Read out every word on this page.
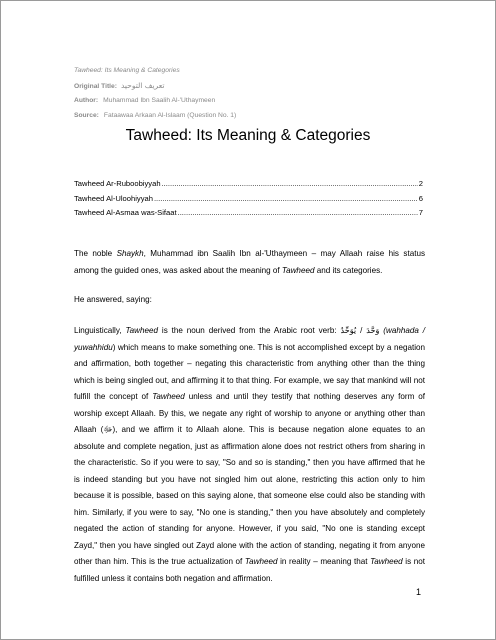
Tawheed: Its Meaning & Categories
Original Title: تعريف التوحيد
Author: Muhammad Ibn Saalih Al-'Uthaymeen
Source: Fataawaa Arkaan Al-Islaam (Question No. 1)
Tawheed: Its Meaning & Categories
Tawheed Ar-Ruboobiyyah .....	2
Tawheed Al-Uloohiyyah .....	6
Tawheed Al-Asmaa was-Sifaat .....	7
The noble Shaykh, Muhammad ibn Saalih Ibn al-'Uthaymeen – may Allaah raise his status
among the guided ones, was asked about the meaning of Tawheed and its categories.
He answered, saying:
Linguistically, Tawheed is the noun derived from the Arabic root verb: وَحَّدَ / يُوَحِّدُ (wahhada /
yuwahhidu) which means to make something one. This is not accomplished except by a negation
and affirmation, both together – negating this characteristic from anything other than the thing
which is being singled out, and affirming it to that thing. For example, we say that mankind will not
fulfill the concept of Tawheed unless and until they testify that nothing deserves any form of
worship except Allaah. By this, we negate any right of worship to anyone or anything other than
Allaah (ﷻ), and we affirm it to Allaah alone. This is because negation alone equates to an
absolute and complete negation, just as affirmation alone does not restrict others from sharing in
the characteristic. So if you were to say, "So and so is standing," then you have affirmed that he
is indeed standing but you have not singled him out alone, restricting this action only to him
because it is possible, based on this saying alone, that someone else could also be standing with
him. Similarly, if you were to say, "No one is standing," then you have absolutely and completely
negated the action of standing for anyone. However, if you said, "No one is standing except
Zayd," then you have singled out Zayd alone with the action of standing, negating it from anyone
other than him. This is the true actualization of Tawheed in reality – meaning that Tawheed is not
fulfilled unless it contains both negation and affirmation.
1
